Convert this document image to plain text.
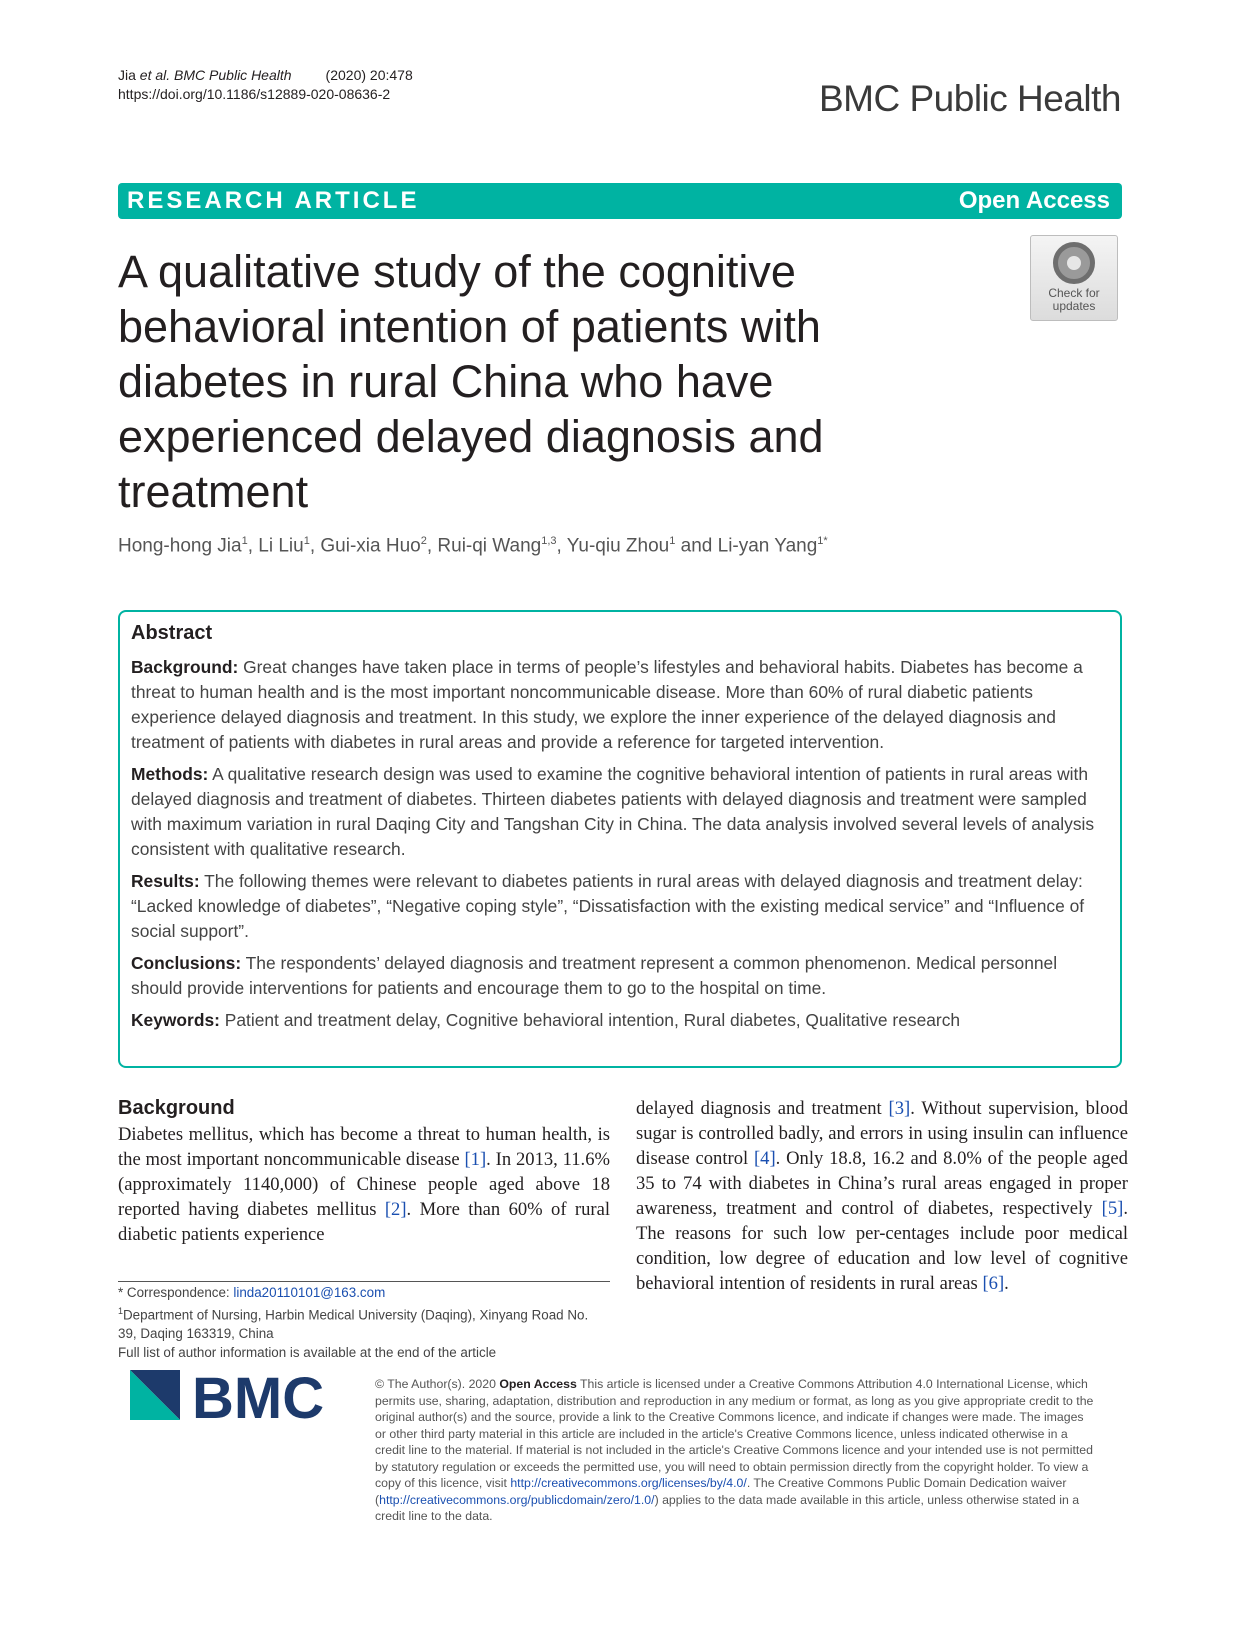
Jia et al. BMC Public Health (2020) 20:478
https://doi.org/10.1186/s12889-020-08636-2	BMC Public Health
RESEARCH ARTICLE	Open Access
A qualitative study of the cognitive behavioral intention of patients with diabetes in rural China who have experienced delayed diagnosis and treatment
Check for
updates
Hong-hong Jia$^1$, Li Liu$^1$, Gui-xia Huo$^2$, Rui-qi Wang$^{1,3}$, Yu-qiu Zhou$^1$ and Li-yan Yang$^{1*}$
Abstract

Background: Great changes have taken place in terms of people’s lifestyles and behavioral habits. Diabetes has become a threat to human health and is the most important noncommunicable disease. More than 60% of rural diabetic patients experience delayed diagnosis and treatment. In this study, we explore the inner experience of the delayed diagnosis and treatment of patients with diabetes in rural areas and provide a reference for targeted intervention.

Methods: A qualitative research design was used to examine the cognitive behavioral intention of patients in rural areas with delayed diagnosis and treatment of diabetes. Thirteen diabetes patients with delayed diagnosis and treatment were sampled with maximum variation in rural Daqing City and Tangshan City in China. The data analysis involved several levels of analysis consistent with qualitative research.

Results: The following themes were relevant to diabetes patients in rural areas with delayed diagnosis and treatment delay: “Lacked knowledge of diabetes”, “Negative coping style”, “Dissatisfaction with the existing medical service” and “Influence of social support”.

Conclusions: The respondents’ delayed diagnosis and treatment represent a common phenomenon. Medical personnel should provide interventions for patients and encourage them to go to the hospital on time.

Keywords: Patient and treatment delay, Cognitive behavioral intention, Rural diabetes, Qualitative research

Background

Diabetes mellitus, which has become a threat to human health, is the most important noncommunicable disease [1]. In 2013, 11.6% (approximately 1140,000) of Chinese people aged above 18 reported having diabetes mellitus [2]. More than 60% of rural diabetic patients experience

delayed diagnosis and treatment [3]. Without supervision, blood sugar is controlled badly, and errors in using insulin can influence disease control [4]. Only 18.8, 16.2 and 8.0% of the people aged 35 to 74 with diabetes in China’s rural areas engaged in proper awareness, treatment and control of diabetes, respectively [5]. The reasons for such low per-centages include poor medical condition, low degree of education and low level of cognitive behavioral intention of residents in rural areas [6].

* Correspondence: linda20110101@163.com
$^1$Department of Nursing, Harbin Medical University (Daqing), Xinyang Road No. 39, Daqing 163319, China
Full list of author information is available at the end of the article
BMC	© The Author(s). 2020 Open Access This article is licensed under a Creative Commons Attribution 4.0 International License, which permits use, sharing, adaptation, distribution and reproduction in any medium or format, as long as you give appropriate credit to the original author(s) and the source, provide a link to the Creative Commons licence, and indicate if changes were made. The images or other third party material in this article are included in the article's Creative Commons licence, unless indicated otherwise in a credit line to the material. If material is not included in the article's Creative Commons licence and your intended use is not permitted by statutory regulation or exceeds the permitted use, you will need to obtain permission directly from the copyright holder. To view a copy of this licence, visit http://creativecommons.org/licenses/by/4.0/. The Creative Commons Public Domain Dedication waiver (http://creativecommons.org/publicdomain/zero/1.0/) applies to the data made available in this article, unless otherwise stated in a credit line to the data.
